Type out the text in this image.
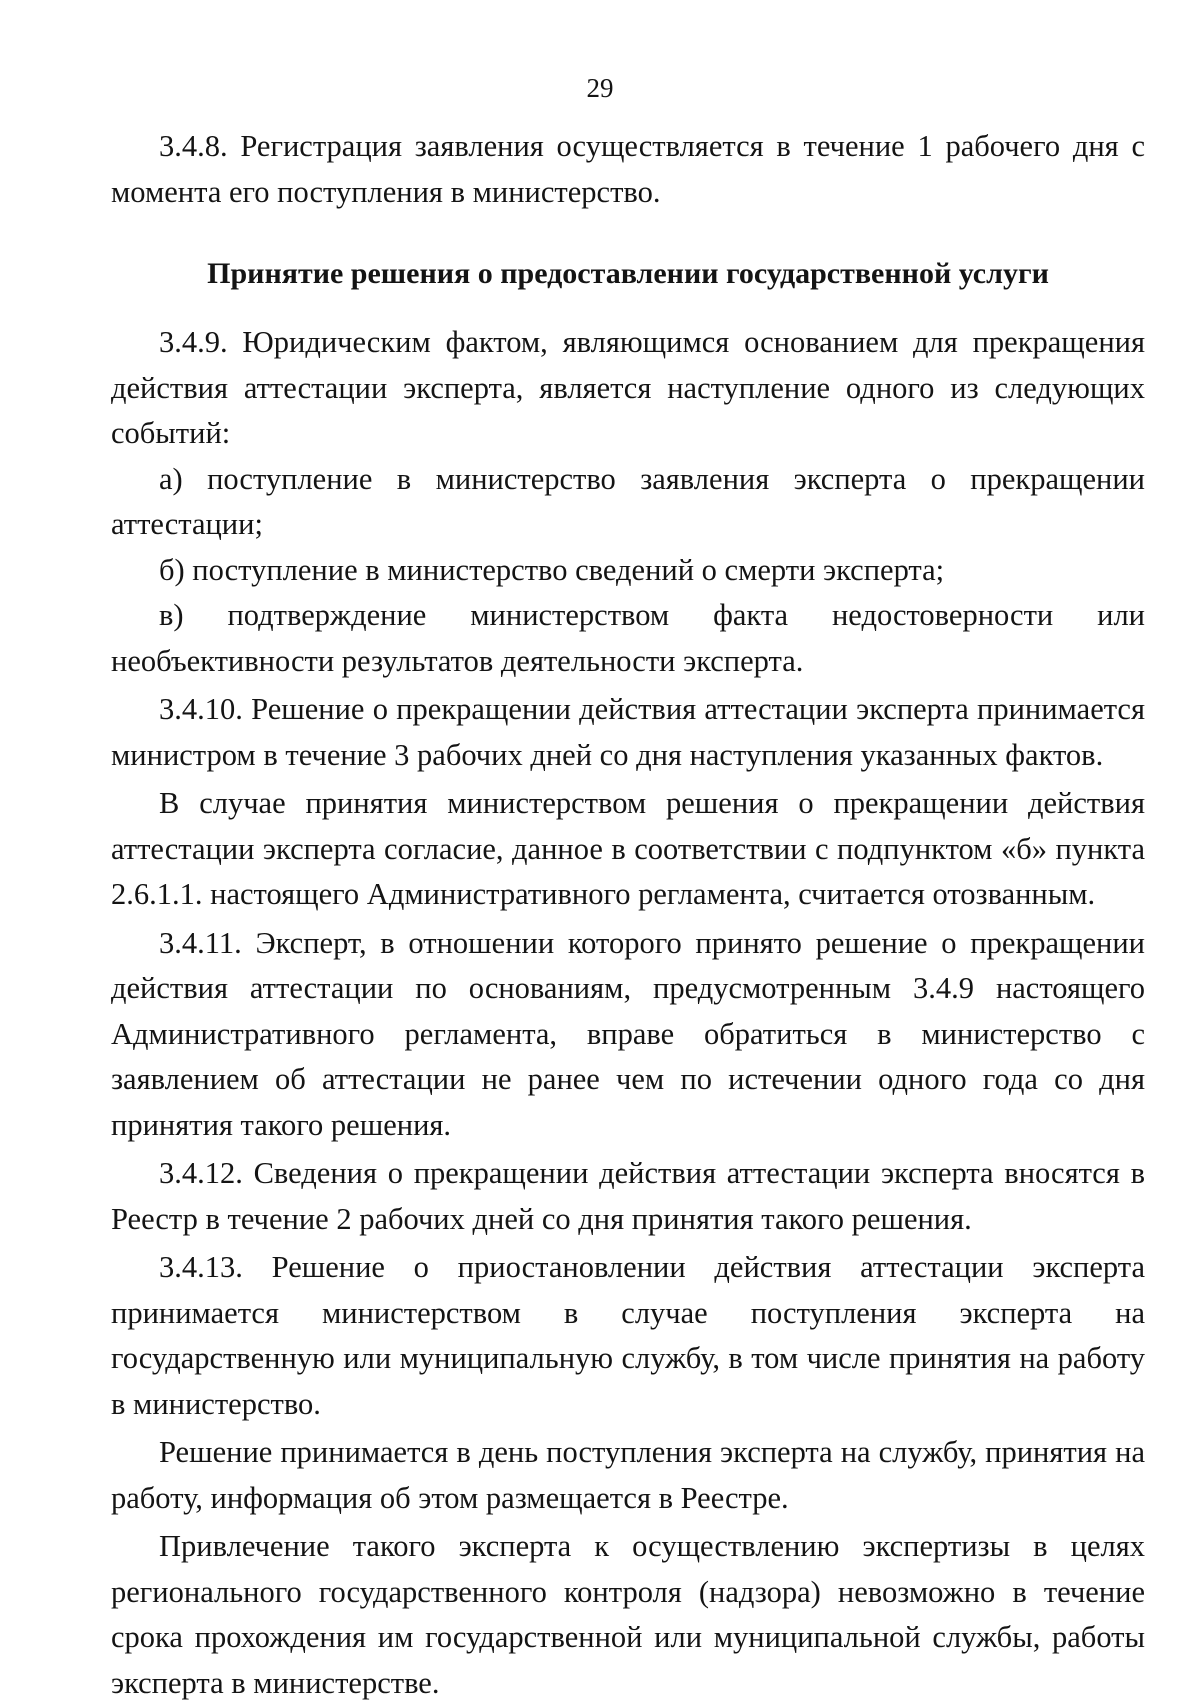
29

3.4.8. Регистрация заявления осуществляется в течение 1 рабочего дня с момента его поступления в министерство.

Принятие решения о предоставлении государственной услуги

3.4.9. Юридическим фактом, являющимся основанием для прекращения действия аттестации эксперта, является наступление одного из следующих событий:

а) поступление в министерство заявления эксперта о прекращении аттестации;

б) поступление в министерство сведений о смерти эксперта;

в) подтверждение министерством факта недостоверности или необъективности результатов деятельности эксперта.

3.4.10. Решение о прекращении действия аттестации эксперта принимается министром в течение 3 рабочих дней со дня наступления указанных фактов.

В случае принятия министерством решения о прекращении действия аттестации эксперта согласие, данное в соответствии с подпунктом «б» пункта 2.6.1.1. настоящего Административного регламента, считается отозванным.

3.4.11. Эксперт, в отношении которого принято решение о прекращении действия аттестации по основаниям, предусмотренным 3.4.9 настоящего Административного регламента, вправе обратиться в министерство с заявлением об аттестации не ранее чем по истечении одного года со дня принятия такого решения.

3.4.12. Сведения о прекращении действия аттестации эксперта вносятся в Реестр в течение 2 рабочих дней со дня принятия такого решения.

3.4.13. Решение о приостановлении действия аттестации эксперта принимается министерством в случае поступления эксперта на государственную или муниципальную службу, в том числе принятия на работу в министерство.

Решение принимается в день поступления эксперта на службу, принятия на работу, информация об этом размещается в Реестре.

Привлечение такого эксперта к осуществлению экспертизы в целях регионального государственного контроля (надзора) невозможно в течение срока прохождения им государственной или муниципальной службы, работы эксперта в министерстве.
